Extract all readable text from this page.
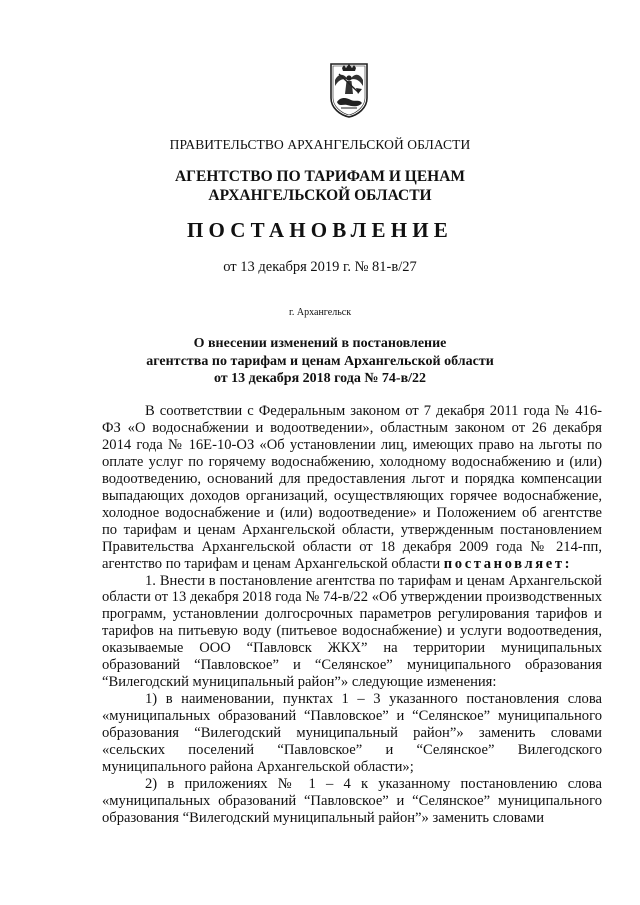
ПРАВИТЕЛЬСТВО АРХАНГЕЛЬСКОЙ ОБЛАСТИ
АГЕНТСТВО ПО ТАРИФАМ И ЦЕНАМ
АРХАНГЕЛЬСКОЙ ОБЛАСТИ
ПОСТАНОВЛЕНИЕ
от 13 декабря 2019 г. № 81-в/27
г. Архангельск
О внесении изменений в постановление
агентства по тарифам и ценам Архангельской области
от 13 декабря 2018 года № 74-в/22

В соответствии с Федеральным законом от 7 декабря 2011 года № 416-ФЗ «О водоснабжении и водоотведении», областным законом от 26 декабря 2014 года № 16Е-10-ОЗ «Об установлении лиц, имеющих право на льготы по оплате услуг по горячему водоснабжению, холодному водоснабжению и (или) водоотведению, оснований для предоставления льгот и порядка компенсации выпадающих доходов организаций, осуществляющих горячее водоснабжение, холодное водоснабжение и (или) водоотведение» и Положением об агентстве по тарифам и ценам Архангельской области, утвержденным постановлением Правительства Архангельской области от 18 декабря 2009 года № 214-пп, агентство по тарифам и ценам Архангельской области постановляет:

1. Внести в постановление агентства по тарифам и ценам Архангельской области от 13 декабря 2018 года № 74-в/22 «Об утверждении производственных программ, установлении долгосрочных параметров регулирования тарифов и тарифов на питьевую воду (питьевое водоснабжение) и услуги водоотведения, оказываемые ООО “Павловск ЖКХ” на территории муниципальных образований “Павловское” и “Селянское” муниципального образования “Вилегодский муниципальный район”» следующие изменения:

1) в наименовании, пунктах 1 – 3 указанного постановления слова «муниципальных образований “Павловское” и “Селянское” муниципального образования “Вилегодский муниципальный район”» заменить словами «сельских поселений “Павловское” и “Селянское” Вилегодского муниципального района Архангельской области»;

2) в приложениях № 1 – 4 к указанному постановлению слова «муниципальных образований “Павловское” и “Селянское” муниципального образования “Вилегодский муниципальный район”» заменить словами
